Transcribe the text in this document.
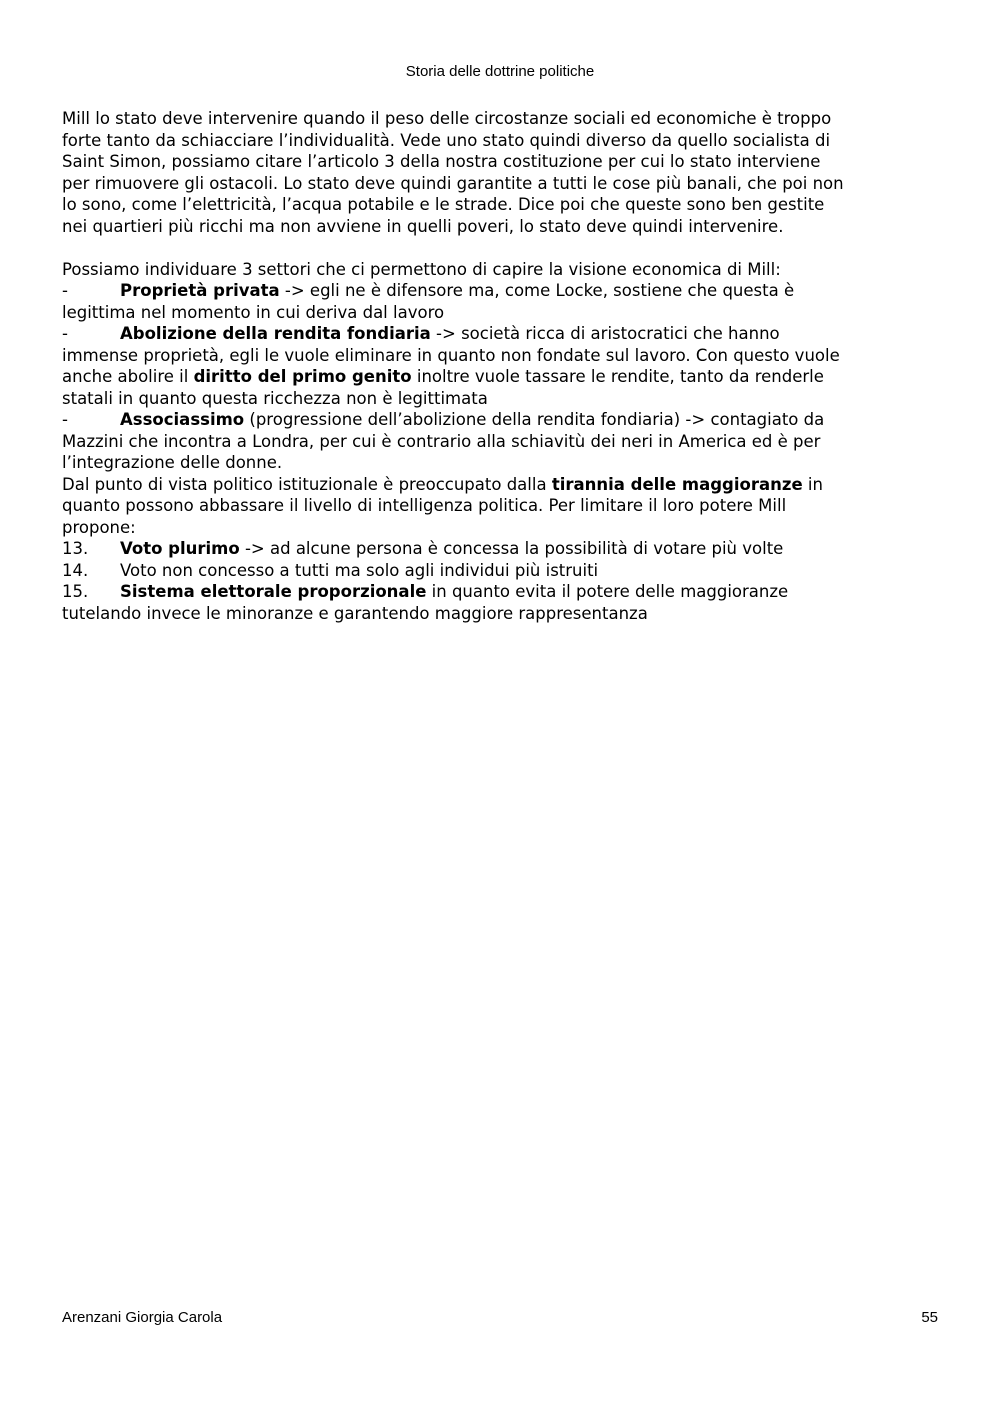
Storia delle dottrine politiche

Mill lo stato deve intervenire quando il peso delle circostanze sociali ed economiche è troppo

forte tanto da schiacciare l’individualità. Vede uno stato quindi diverso da quello socialista di

Saint Simon, possiamo citare l’articolo 3 della nostra costituzione per cui lo stato interviene

per rimuovere gli ostacoli. Lo stato deve quindi garantite a tutti le cose più banali, che poi non

lo sono, come l’elettricità, l’acqua potabile e le strade. Dice poi che queste sono ben gestite

nei quartieri più ricchi ma non avviene in quelli poveri, lo stato deve quindi intervenire.

Possiamo individuare 3 settori che ci permettono di capire la visione economica di Mill:

-	Proprietà privata -> egli ne è difensore ma, come Locke, sostiene che questa è

legittima nel momento in cui deriva dal lavoro

-	Abolizione della rendita fondiaria -> società ricca di aristocratici che hanno

immense proprietà, egli le vuole eliminare in quanto non fondate sul lavoro. Con questo vuole

anche abolire il diritto del primo genito inoltre vuole tassare le rendite, tanto da renderle

statali in quanto questa ricchezza non è legittimata

-	Associassimo (progressione dell’abolizione della rendita fondiaria) -> contagiato da

Mazzini che incontra a Londra, per cui è contrario alla schiavitù dei neri in America ed è per

l’integrazione delle donne.

Dal punto di vista politico istituzionale è preoccupato dalla tirannia delle maggioranze in

quanto possono abbassare il livello di intelligenza politica. Per limitare il loro potere Mill

propone:

13. Voto plurimo -> ad alcune persona è concessa la possibilità di votare più volte

14. Voto non concesso a tutti ma solo agli individui più istruiti

15. Sistema elettorale proporzionale in quanto evita il potere delle maggioranze

tutelando invece le minoranze e garantendo maggiore rappresentanza

Arenzani Giorgia Carola	55
